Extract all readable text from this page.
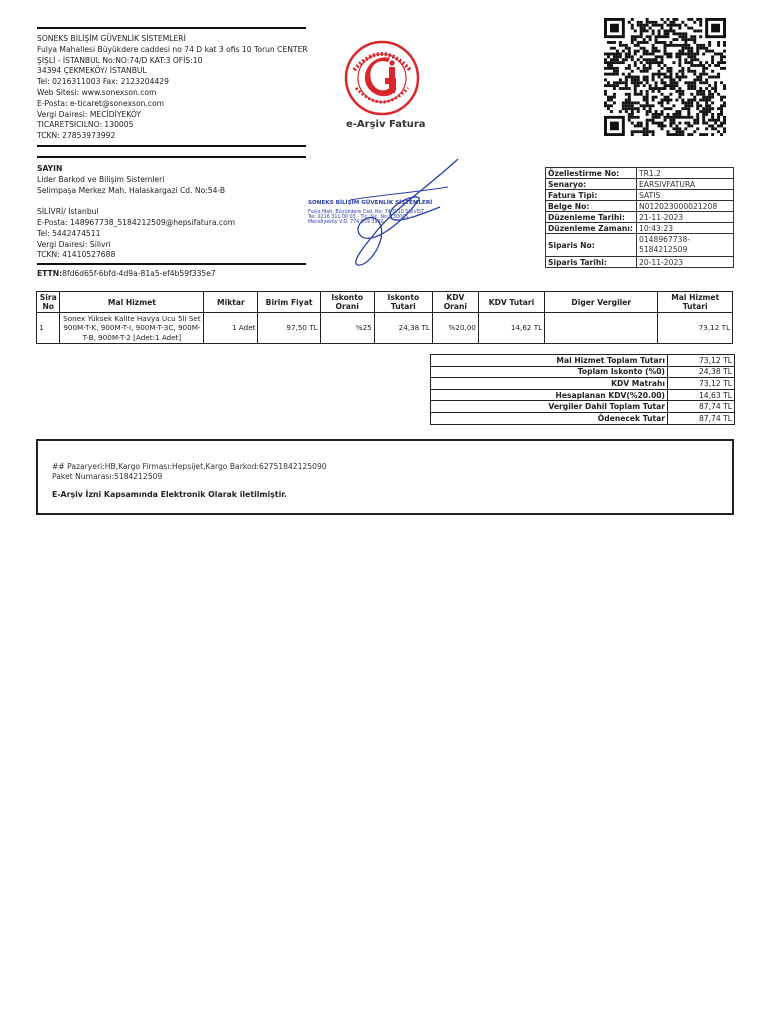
SONEKS BİLİŞİM GÜVENLİK SİSTEMLERİ
Fulya Mahallesi Büyükdere caddesi no 74 D kat 3 ofis 10 Torun CENTER
ŞİŞLİ - İSTANBUL No:NO:74/D KAT:3 OFİS:10
34394 ÇEKMEKÖY/ İSTANBUL
Tel: 0216311003 Fax: 2123204429
Web Sitesi: www.sonexson.com
E-Posta: e-ticaret@sonexson.com
Vergi Dairesi: MECİDİYEKÖY
TICARETSICILNO: 130005
TCKN: 27853973992
e-Arşiv Fatura
SAYIN
Lider Barkod ve Bilişim Sistemleri
Selimpaşa Merkez Mah. Halaskargazi Cd. No:54-B
SİLİVRİ/ İstanbul
E-Posta: 148967738_5184212509@hepsifatura.com
Tel: 5442474511
Vergi Dairesi: Silivri
TCKN: 41410527688
ETTN:8fd6d65f-6bfd-4d9a-81a5-ef4b59f335e7
SONEKS BİLİŞİM GÜVENLİK SİSTEMLERİ
Fulya Mah. Büyükdere Cad. No: 74 D/10 Şişli/İST.
Tel: 0216 311 00 03 - Tic. Sic. No: 130005
Mecidiyeköy V.D. 774 059 3960
Özellestirme No:	TR1.2
Senaryo:	EARSIVFATURA
Fatura Tipi:	SATIS
Belge No:	N012023000021208
Düzenleme Tarihi:	21-11-2023
Düzenleme Zamanı:	10:43:23
Siparis No:	0148967738-5184212509
Siparis Tarihi:	20-11-2023
Sira No	Mal Hizmet	Miktar	Birim Fiyat	Iskonto Orani	Iskonto Tutari	KDV Orani	KDV Tutari	Diger Vergiler	Mal Hizmet Tutari
1	Sonex Yüksek Kalite Havya Ucu 5li Set 900M-T-K, 900M-T-I, 900M-T-3C, 900M-T-B, 900M-T-2 [Adet:1 Adet]	1 Adet	97,50 TL	%25	24,38 TL	%20,00	14,62 TL		73,12 TL
Mal Hizmet Toplam Tutarı	73,12 TL
Toplam Iskonto (%0)	24,38 TL
KDV Matrahı	73,12 TL
Hesaplanan KDV(%20.00)	14,63 TL
Vergiler Dahil Toplam Tutar	87,74 TL
Ödenecek Tutar	87,74 TL
## Pazaryeri:HB,Kargo Firması:Hepsijet,Kargo Barkod:62751842125090
Paket Numarası:5184212509
E-Arşiv İzni Kapsamında Elektronik Olarak iletilmiştir.
